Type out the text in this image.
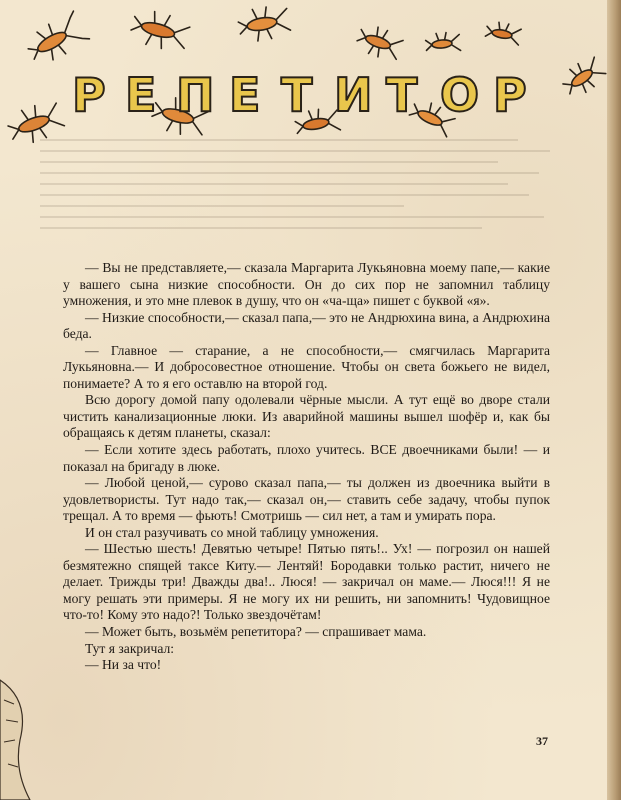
Р Е П Е Т И Т О Р

— Вы не представляете,— сказала Маргарита Лукьяновна моему папе,— какие у вашего сына низкие способности. Он до сих пор не запомнил таблицу умножения, и это мне плевок в душу, что он «ча-ща» пишет с буквой «я».

— Низкие способности,— сказал папа,— это не Андрюхина вина, а Андрюхина беда.

— Главное — старание, а не способности,— смягчилась Маргарита Лукьяновна.— И добросовестное отношение. Чтобы он света божьего не видел, понимаете? А то я его оставлю на второй год.

Всю дорогу домой папу одолевали чёрные мысли. А тут ещё во дворе стали чистить канализационные люки. Из аварийной машины вышел шофёр и, как бы обращаясь к детям планеты, сказал:

— Если хотите здесь работать, плохо учитесь. ВСЕ двоечниками были! — и показал на бригаду в люке.

— Любой ценой,— сурово сказал папа,— ты должен из двоечника выйти в удовлетвористы. Тут надо так,— сказал он,— ставить себе задачу, чтобы пупок трещал. А то время — фьють! Смотришь — сил нет, а там и умирать пора.

И он стал разучивать со мной таблицу умножения.

— Шестью шесть! Девятью четыре! Пятью пять!.. Ух! — погрозил он нашей безмятежно спящей таксе Киту.— Лентяй! Бородавки только растит, ничего не делает. Трижды три! Дважды два!.. Люся! — закричал он маме.— Люся!!! Я не могу решать эти примеры. Я не могу их ни решить, ни запомнить! Чудовищное что-то! Кому это надо?! Только звездочётам!

— Может быть, возьмём репетитора? — спрашивает мама.

Тут я закричал:

— Ни за что!

37
